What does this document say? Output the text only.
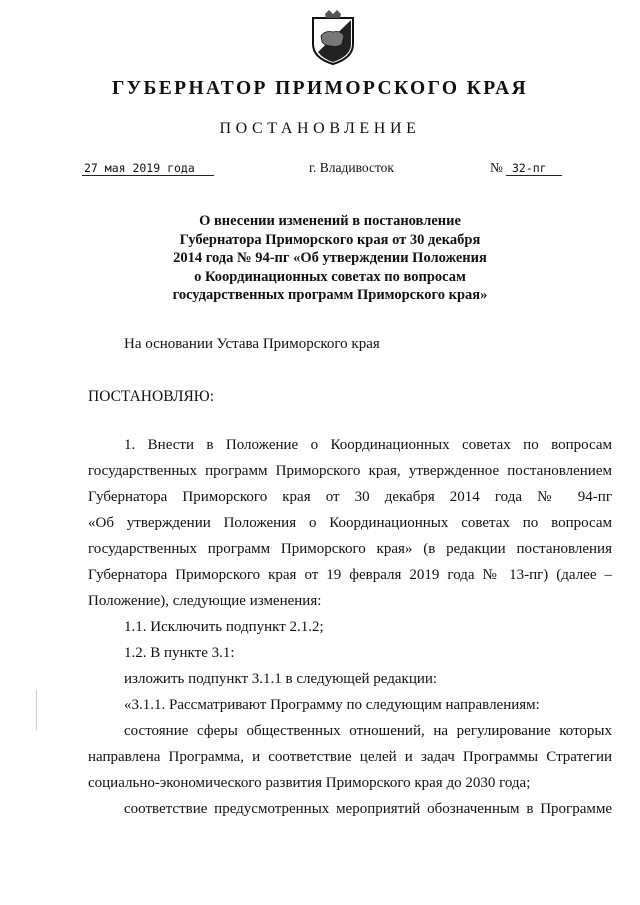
ГУБЕРНАТОР ПРИМОРСКОГО КРАЯ
ПОСТАНОВЛЕНИЕ
27 мая 2019 года	г. Владивосток	№ 32-пг
О внесении изменений в постановление
Губернатора Приморского края от 30 декабря
2014 года № 94-пг «Об утверждении Положения
о Координационных советах по вопросам
государственных программ Приморского края»
На основании Устава Приморского края
ПОСТАНОВЛЯЮ:
1. Внести в Положение о Координационных советах по вопросам
государственных программ Приморского края, утвержденное постановлением
Губернатора Приморского края от 30 декабря 2014 года № 94-пг
«Об утверждении Положения о Координационных советах по вопросам
государственных программ Приморского края» (в редакции постановления
Губернатора Приморского края от 19 февраля 2019 года № 13-пг) (далее –
Положение), следующие изменения:
1.1. Исключить подпункт 2.1.2;
1.2. В пункте 3.1:
изложить подпункт 3.1.1 в следующей редакции:
«3.1.1. Рассматривают Программу по следующим направлениям:
состояние сферы общественных отношений, на регулирование которых
направлена Программа, и соответствие целей и задач Программы Стратегии
социально-экономического развития Приморского края до 2030 года;
соответствие предусмотренных мероприятий обозначенным в Программе
